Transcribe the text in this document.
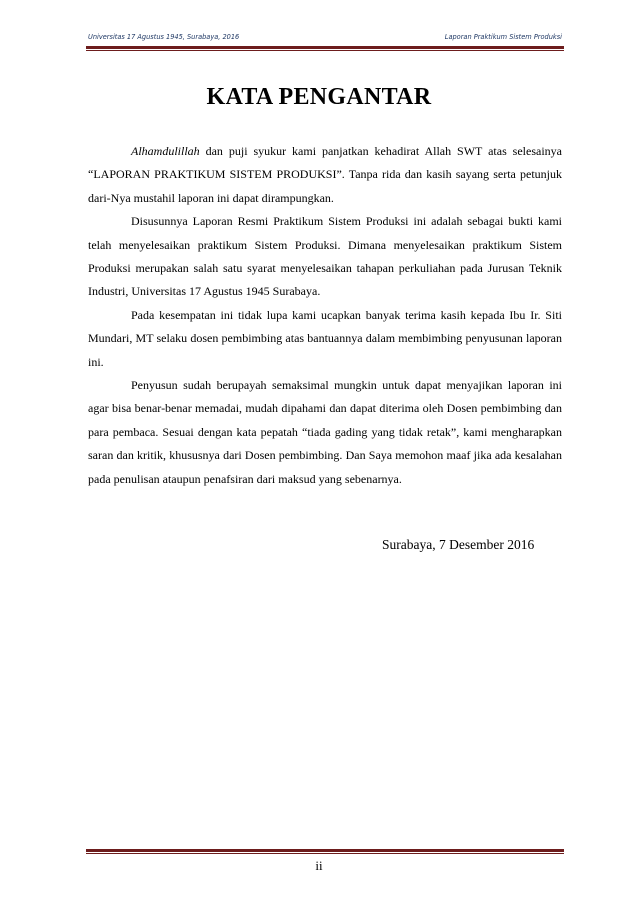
Universitas 17 Agustus 1945, Surabaya, 2016	Laporan Praktikum Sistem Produksi
KATA PENGANTAR

Alhamdulillah dan puji syukur kami panjatkan kehadirat Allah SWT atas selesainya “LAPORAN PRAKTIKUM SISTEM PRODUKSI”. Tanpa rida dan kasih sayang serta petunjuk dari-Nya mustahil laporan ini dapat dirampungkan.

Disusunnya Laporan Resmi Praktikum Sistem Produksi ini adalah sebagai bukti kami telah menyelesaikan praktikum Sistem Produksi. Dimana menyelesaikan praktikum Sistem Produksi merupakan salah satu syarat menyelesaikan tahapan perkuliahan pada Jurusan Teknik Industri, Universitas 17 Agustus 1945 Surabaya.

Pada kesempatan ini tidak lupa kami ucapkan banyak terima kasih kepada Ibu Ir. Siti Mundari, MT selaku dosen pembimbing atas bantuannya dalam membimbing penyusunan laporan ini.

Penyusun sudah berupayah semaksimal mungkin untuk dapat menyajikan laporan ini agar bisa benar-benar memadai, mudah dipahami dan dapat diterima oleh Dosen pembimbing dan para pembaca. Sesuai dengan kata pepatah “tiada gading yang tidak retak”, kami mengharapkan saran dan kritik, khususnya dari Dosen pembimbing. Dan Saya memohon maaf jika ada kesalahan pada penulisan ataupun penafsiran dari maksud yang sebenarnya.

Surabaya, 7 Desember 2016
ii
